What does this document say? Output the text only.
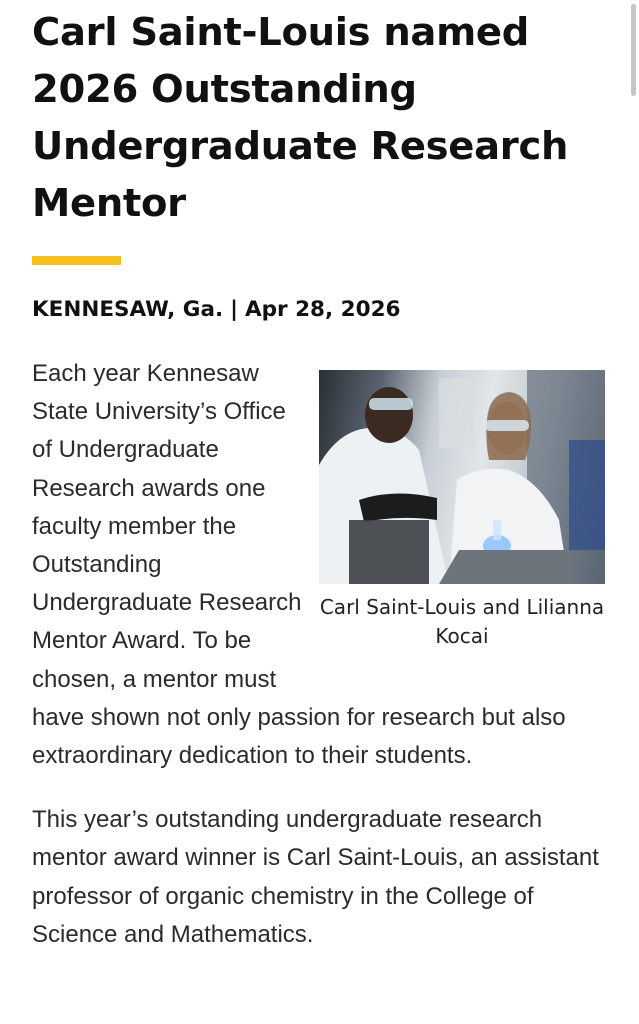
Carl Saint-Louis named 2026 Outstanding Undergraduate Research Mentor
KENNESAW, Ga. | Apr 28, 2026
Carl Saint-Louis and Lilianna Kocai

Each year Kennesaw State University’s Office of Undergraduate Research awards one faculty member the Outstanding Undergraduate Research Mentor Award. To be chosen, a mentor must have shown not only passion for research but also extraordinary dedication to their students.

This year’s outstanding undergraduate research mentor award winner is Carl Saint-Louis, an assistant professor of organic chemistry in the College of Science and Mathematics.
